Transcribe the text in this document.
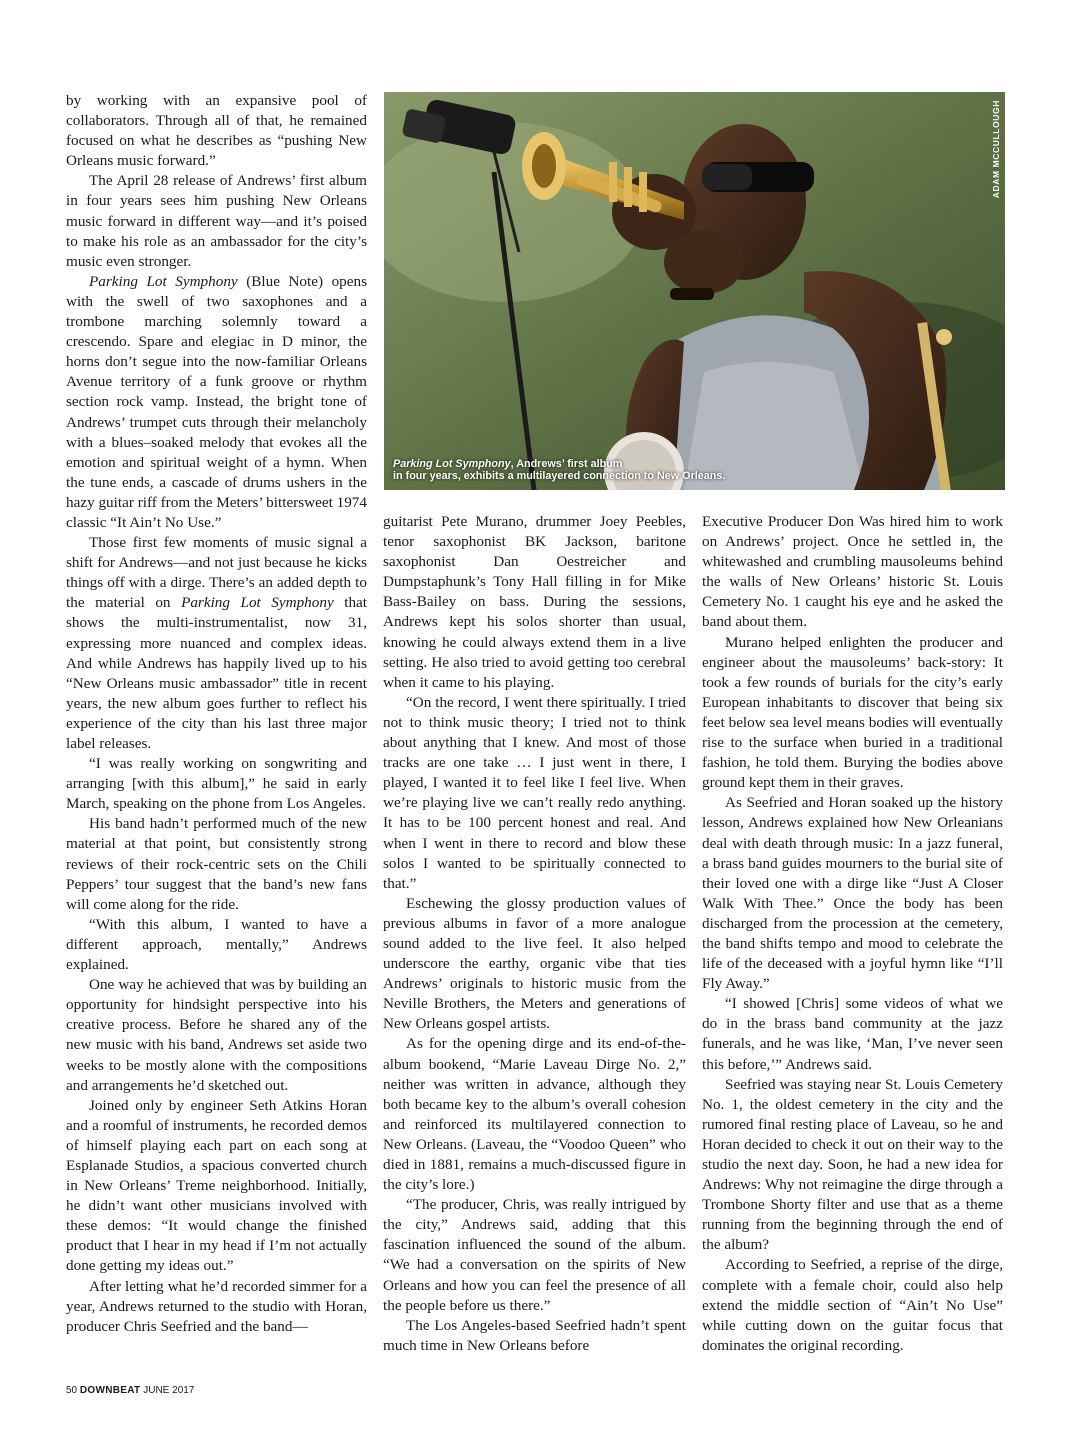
by working with an expansive pool of collaborators. Through all of that, he remained focused on what he describes as “pushing New Orleans music forward.”

The April 28 release of Andrews’ first album in four years sees him pushing New Orleans music forward in different way—and it’s poised to make his role as an ambassador for the city’s music even stronger.

Parking Lot Symphony (Blue Note) opens with the swell of two saxophones and a trombone marching solemnly toward a crescendo. Spare and elegiac in D minor, the horns don’t segue into the now-familiar Orleans Avenue territory of a funk groove or rhythm section rock vamp. Instead, the bright tone of Andrews’ trumpet cuts through their melancholy with a blues–soaked melody that evokes all the emotion and spiritual weight of a hymn. When the tune ends, a cascade of drums ushers in the hazy guitar riff from the Meters’ bittersweet 1974 classic “It Ain’t No Use.”

Those first few moments of music signal a shift for Andrews—and not just because he kicks things off with a dirge. There’s an added depth to the material on Parking Lot Symphony that shows the multi-instrumentalist, now 31, expressing more nuanced and complex ideas. And while Andrews has happily lived up to his “New Orleans music ambassador” title in recent years, the new album goes further to reflect his experience of the city than his last three major label releases.

“I was really working on songwriting and arranging [with this album],” he said in early March, speaking on the phone from Los Angeles.

His band hadn’t performed much of the new material at that point, but consistently strong reviews of their rock-centric sets on the Chili Peppers’ tour suggest that the band’s new fans will come along for the ride.

“With this album, I wanted to have a different approach, mentally,” Andrews explained.

One way he achieved that was by building an opportunity for hindsight perspective into his creative process. Before he shared any of the new music with his band, Andrews set aside two weeks to be mostly alone with the compositions and arrangements he’d sketched out.

Joined only by engineer Seth Atkins Horan and a roomful of instruments, he recorded demos of himself playing each part on each song at Esplanade Studios, a spacious converted church in New Orleans’ Treme neighborhood. Initially, he didn’t want other musicians involved with these demos: “It would change the finished product that I hear in my head if I’m not actually done getting my ideas out.”

After letting what he’d recorded simmer for a year, Andrews returned to the studio with Horan, producer Chris Seefried and the band—

ADAM MCCULLOUGH
Parking Lot Symphony, Andrews’ first album
in four years, exhibits a multilayered connection to New Orleans.

guitarist Pete Murano, drummer Joey Peebles, tenor saxophonist BK Jackson, baritone saxophonist Dan Oestreicher and Dumpstaphunk’s Tony Hall filling in for Mike Bass-Bailey on bass. During the sessions, Andrews kept his solos shorter than usual, knowing he could always extend them in a live setting. He also tried to avoid getting too cerebral when it came to his playing.

“On the record, I went there spiritually. I tried not to think music theory; I tried not to think about anything that I knew. And most of those tracks are one take … I just went in there, I played, I wanted it to feel like I feel live. When we’re playing live we can’t really redo anything. It has to be 100 percent honest and real. And when I went in there to record and blow these solos I wanted to be spiritually connected to that.”

Eschewing the glossy production values of previous albums in favor of a more analogue sound added to the live feel. It also helped underscore the earthy, organic vibe that ties Andrews’ originals to historic music from the Neville Brothers, the Meters and generations of New Orleans gospel artists.

As for the opening dirge and its end-of-the-album bookend, “Marie Laveau Dirge No. 2,” neither was written in advance, although they both became key to the album’s overall cohesion and reinforced its multilayered connection to New Orleans. (Laveau, the “Voodoo Queen” who died in 1881, remains a much-discussed figure in the city’s lore.)

“The producer, Chris, was really intrigued by the city,” Andrews said, adding that this fascination influenced the sound of the album. “We had a conversation on the spirits of New Orleans and how you can feel the presence of all the people before us there.”

The Los Angeles-based Seefried hadn’t spent much time in New Orleans before

Executive Producer Don Was hired him to work on Andrews’ project. Once he settled in, the whitewashed and crumbling mausoleums behind the walls of New Orleans’ historic St. Louis Cemetery No. 1 caught his eye and he asked the band about them.

Murano helped enlighten the producer and engineer about the mausoleums’ back-story: It took a few rounds of burials for the city’s early European inhabitants to discover that being six feet below sea level means bodies will eventually rise to the surface when buried in a traditional fashion, he told them. Burying the bodies above ground kept them in their graves.

As Seefried and Horan soaked up the history lesson, Andrews explained how New Orleanians deal with death through music: In a jazz funeral, a brass band guides mourners to the burial site of their loved one with a dirge like “Just A Closer Walk With Thee.” Once the body has been discharged from the procession at the cemetery, the band shifts tempo and mood to celebrate the life of the deceased with a joyful hymn like “I’ll Fly Away.”

“I showed [Chris] some videos of what we do in the brass band community at the jazz funerals, and he was like, ‘Man, I’ve never seen this before,’” Andrews said.

Seefried was staying near St. Louis Cemetery No. 1, the oldest cemetery in the city and the rumored final resting place of Laveau, so he and Horan decided to check it out on their way to the studio the next day. Soon, he had a new idea for Andrews: Why not reimagine the dirge through a Trombone Shorty filter and use that as a theme running from the beginning through the end of the album?

According to Seefried, a reprise of the dirge, complete with a female choir, could also help extend the middle section of “Ain’t No Use” while cutting down on the guitar focus that dominates the original recording.

50 DOWNBEAT JUNE 2017
